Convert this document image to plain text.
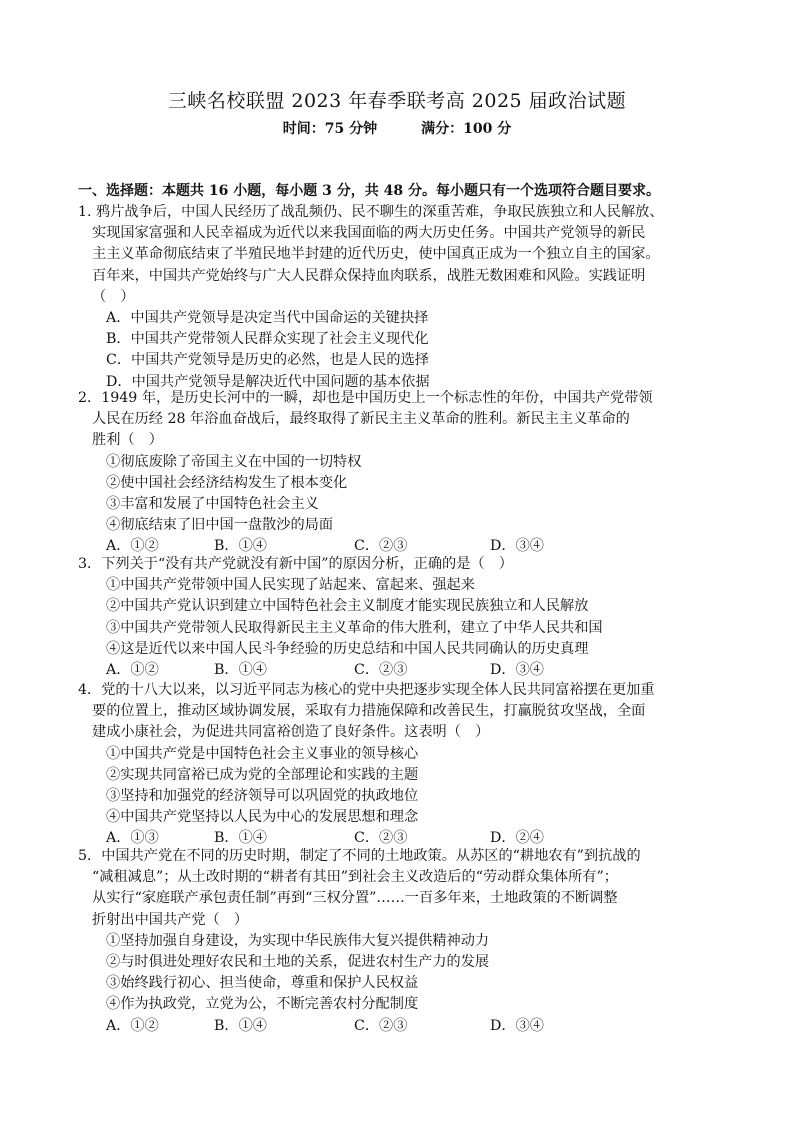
三峡名校联盟 2023 年春季联考高 2025 届政治试题
时间：75 分钟	满分：100 分
一、选择题：本题共 16 小题，每小题 3 分，共 48 分。每小题只有一个选项符合题目要求。
1. 鸦片战争后，中国人民经历了战乱频仍、民不聊生的深重苦难，争取民族独立和人民解放、
实现国家富强和人民幸福成为近代以来我国面临的两大历史任务。中国共产党领导的新民
主主义革命彻底结束了半殖民地半封建的近代历史，使中国真正成为一个独立自主的国家。
百年来，中国共产党始终与广大人民群众保持血肉联系，战胜无数困难和风险。实践证明
（　）
A．中国共产党领导是决定当代中国命运的关键抉择
B．中国共产党带领人民群众实现了社会主义现代化
C．中国共产党领导是历史的必然，也是人民的选择
D．中国共产党领导是解决近代中国问题的基本依据
2．1949 年，是历史长河中的一瞬，却也是中国历史上一个标志性的年份，中国共产党带领
人民在历经 28 年浴血奋战后，最终取得了新民主主义革命的胜利。新民主主义革命的
胜利（　）
①彻底废除了帝国主义在中国的一切特权
②使中国社会经济结构发生了根本变化
③丰富和发展了中国特色社会主义
④彻底结束了旧中国一盘散沙的局面
A．①②	B．①④	C．②③	D．③④
3．下列关于“没有共产党就没有新中国”的原因分析，正确的是（　）
①中国共产党带领中国人民实现了站起来、富起来、强起来
②中国共产党认识到建立中国特色社会主义制度才能实现民族独立和人民解放
③中国共产党带领人民取得新民主主义革命的伟大胜利，建立了中华人民共和国
④这是近代以来中国人民斗争经验的历史总结和中国人民共同确认的历史真理
A．①②	B．①④	C．②③	D．③④
4．党的十八大以来，以习近平同志为核心的党中央把逐步实现全体人民共同富裕摆在更加重
要的位置上，推动区域协调发展，采取有力措施保障和改善民生，打赢脱贫攻坚战，全面
建成小康社会，为促进共同富裕创造了良好条件。这表明（　）
①中国共产党是中国特色社会主义事业的领导核心
②实现共同富裕已成为党的全部理论和实践的主题
③坚持和加强党的经济领导可以巩固党的执政地位
④中国共产党坚持以人民为中心的发展思想和理念
A．①③	B．①④	C．②③	D．②④
5．中国共产党在不同的历史时期，制定了不同的土地政策。从苏区的“耕地农有”到抗战的
“减租减息”；从土改时期的“耕者有其田”到社会主义改造后的“劳动群众集体所有”；
从实行“家庭联产承包责任制”再到“三权分置”……一百多年来，土地政策的不断调整
折射出中国共产党（　）
①坚持加强自身建设，为实现中华民族伟大复兴提供精神动力
②与时俱进处理好农民和土地的关系，促进农村生产力的发展
③始终践行初心、担当使命，尊重和保护人民权益
④作为执政党，立党为公，不断完善农村分配制度
A．①②	B．①④	C．②③	D．③④
